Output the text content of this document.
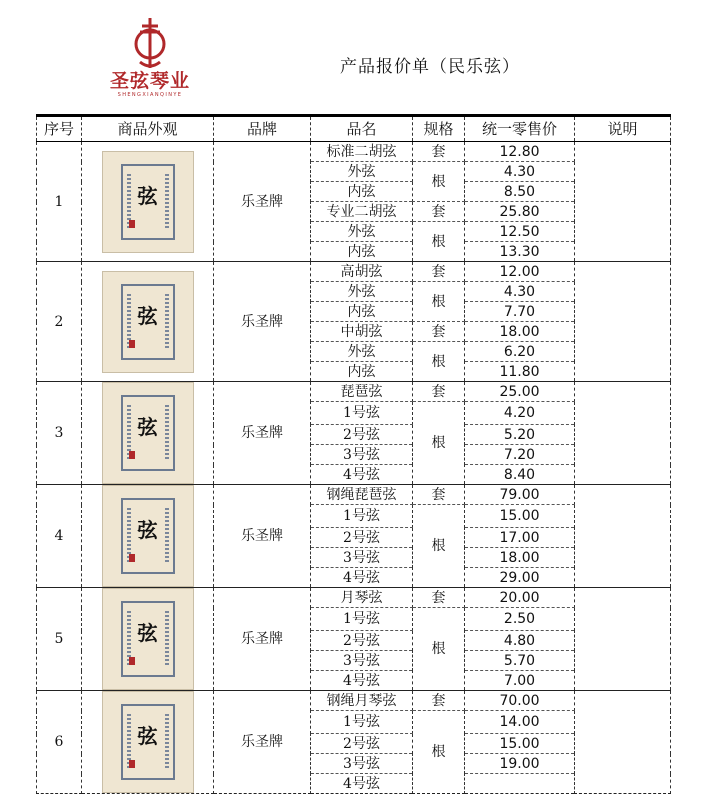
圣弦琴业
SHENGXIANQINYE
产品报价单（民乐弦）
序号	商品外观	品牌	品名	规格	统一零售价	说明
1	弦	乐圣牌	标准二胡弦	套	12.80	
			外弦	根	4.30	
			内弦		8.50	
			专业二胡弦	套	25.80	
			外弦	根	12.50	
			内弦		13.30	
2	弦	乐圣牌	高胡弦	套	12.00	
			外弦	根	4.30	
			内弦		7.70	
			中胡弦	套	18.00	
			外弦	根	6.20	
			内弦		11.80	
3	弦	乐圣牌	琵琶弦	套	25.00	
			1号弦	根	4.20	
			2号弦		5.20	
			3号弦		7.20	
			4号弦		8.40	
4	弦	乐圣牌	钢绳琵琶弦	套	79.00	
			1号弦	根	15.00	
			2号弦		17.00	
			3号弦		18.00	
			4号弦		29.00	
5	弦	乐圣牌	月琴弦	套	20.00	
			1号弦	根	2.50	
			2号弦		4.80	
			3号弦		5.70	
			4号弦		7.00	
6	弦	乐圣牌	钢绳月琴弦	套	70.00	
			1号弦	根	14.00	
			2号弦		15.00	
			3号弦		19.00	
			4号弦			
